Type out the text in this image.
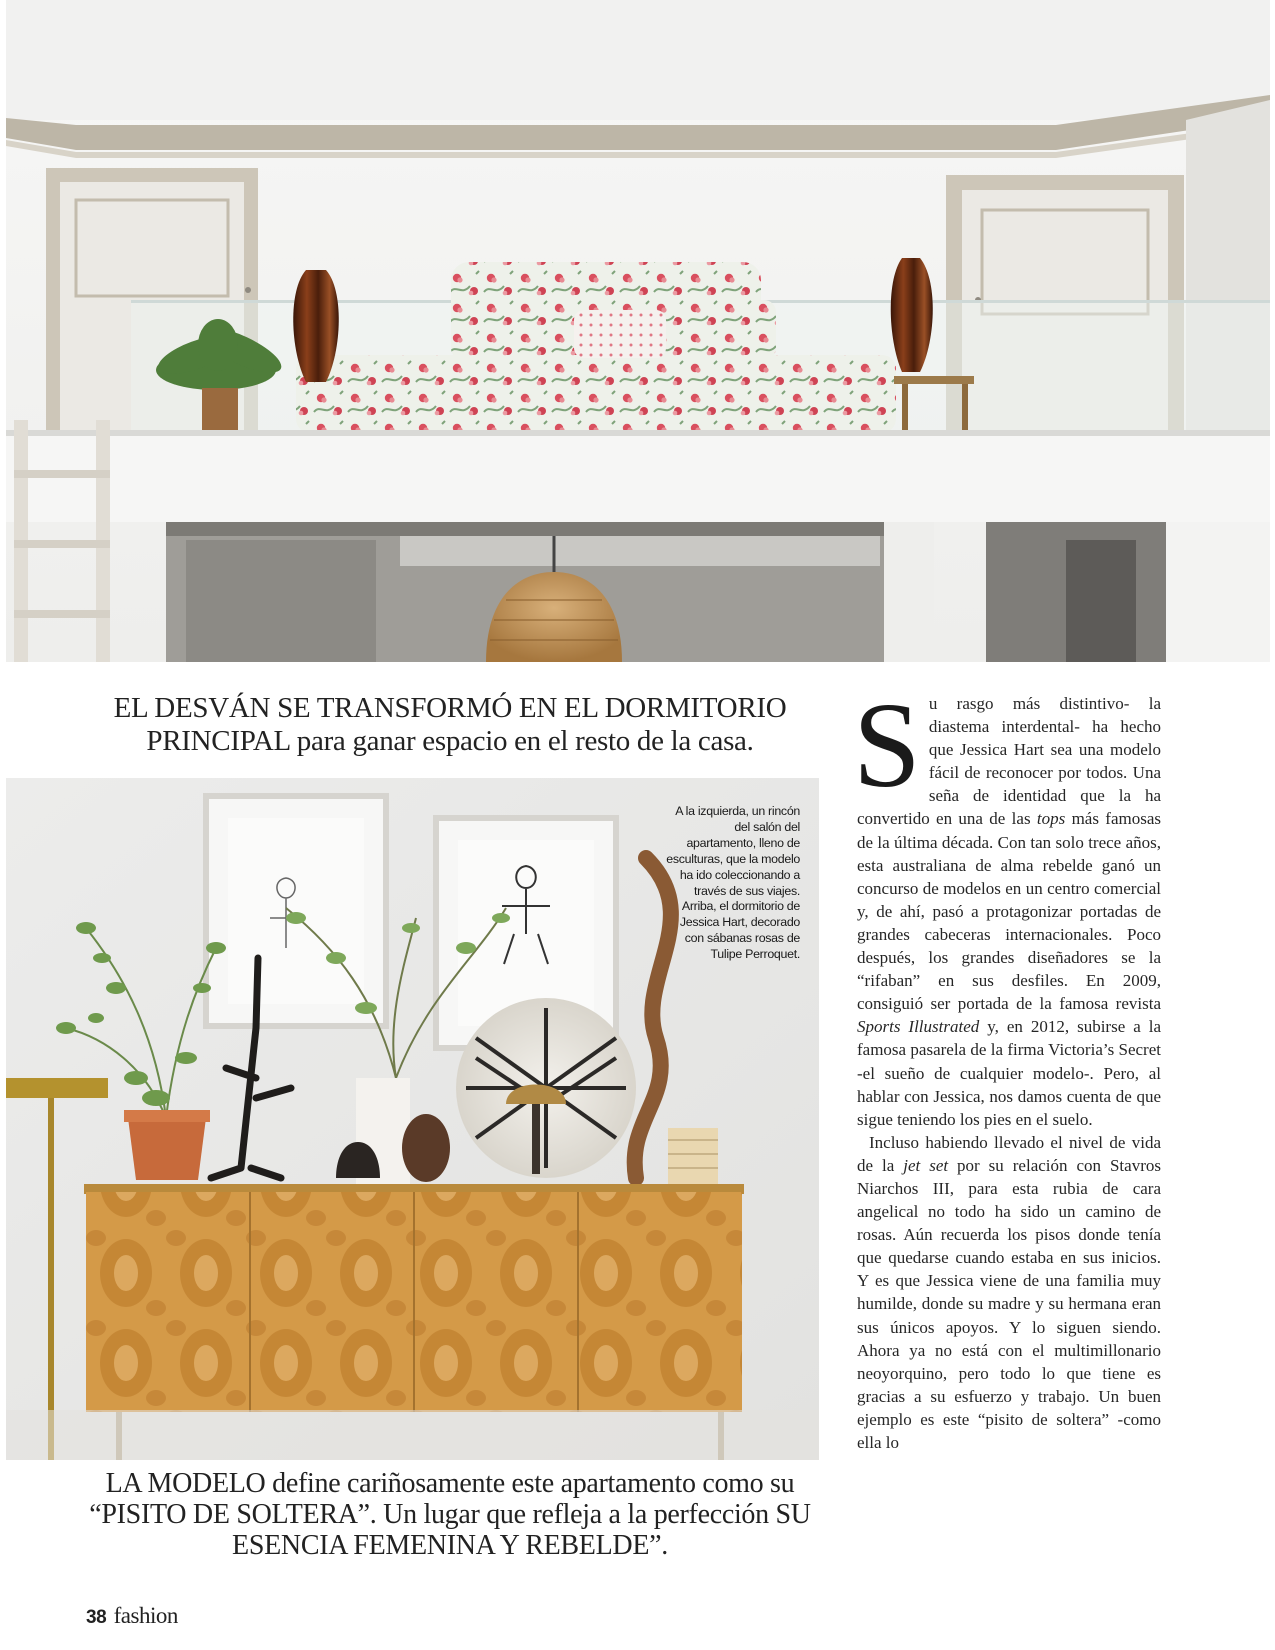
EL DESVÁN SE TRANSFORMÓ EN EL DORMITORIO PRINCIPAL para ganar espacio en el resto de la casa.
A la izquierda, un rincón del salón del apartamento, lleno de esculturas, que la modelo ha ido coleccionando a través de sus viajes. Arriba, el dormitorio de Jessica Hart, decorado con sábanas rosas de Tulipe Perroquet.
LA MODELO define cariñosamente este apartamento como su “PISITO DE SOLTERA”. Un lugar que refleja a la perfección SU ESENCIA FEMENINA Y REBELDE”.

Su rasgo más distintivo- la diastema interdental- ha hecho que Jessica Hart sea una modelo fácil de reconocer por todos. Una seña de identidad que la ha convertido en una de las tops más famosas de la última década. Con tan solo trece años, esta australiana de alma rebelde ganó un concurso de modelos en un centro comercial y, de ahí, pasó a protagonizar portadas de grandes cabeceras internacionales. Poco después, los grandes diseñadores se la “rifaban” en sus desfiles. En 2009, consiguió ser portada de la famosa revista Sports Illustrated y, en 2012, subirse a la famosa pasarela de la firma Victoria’s Secret -el sueño de cualquier modelo-. Pero, al hablar con Jessica, nos damos cuenta de que sigue teniendo los pies en el suelo.

Incluso habiendo llevado el nivel de vida de la jet set por su relación con Stavros Niarchos III, para esta rubia de cara angelical no todo ha sido un camino de rosas. Aún recuerda los pisos donde tenía que quedarse cuando estaba en sus inicios. Y es que Jessica viene de una familia muy humilde, donde su madre y su hermana eran sus únicos apoyos. Y lo siguen siendo. Ahora ya no está con el multimillonario neoyorquino, pero todo lo que tiene es gracias a su esfuerzo y trabajo. Un buen ejemplo es este “pisito de soltera” -como ella lo

38 fashion
